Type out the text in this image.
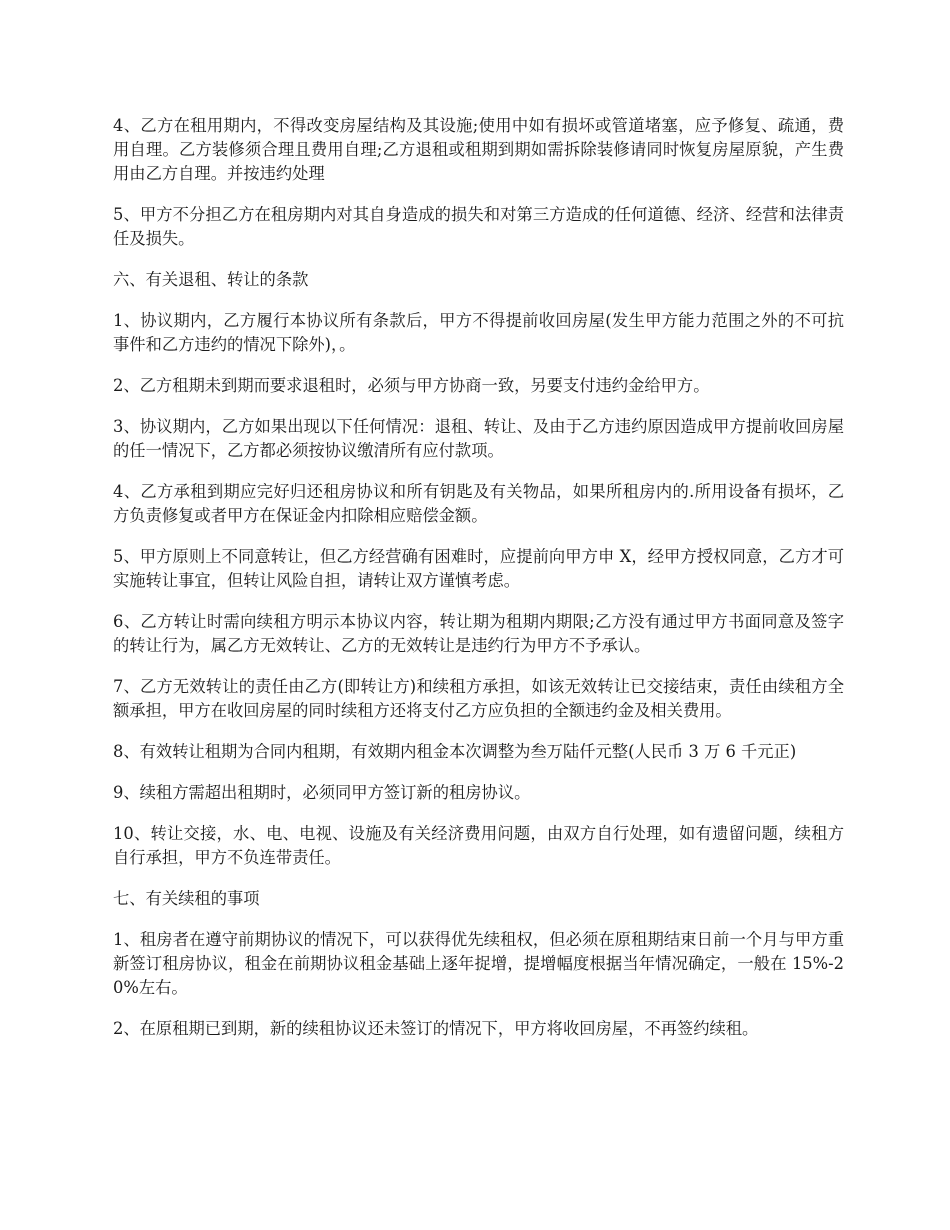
4、乙方在租用期内，不得改变房屋结构及其设施;使用中如有损坏或管道堵塞，应予修复、疏通，费用自理。乙方装修须合理且费用自理;乙方退租或租期到期如需拆除装修请同时恢复房屋原貌，产生费用由乙方自理。并按违约处理

5、甲方不分担乙方在租房期内对其自身造成的损失和对第三方造成的任何道德、经济、经营和法律责任及损失。

六、有关退租、转让的条款

1、协议期内，乙方履行本协议所有条款后，甲方不得提前收回房屋(发生甲方能力范围之外的不可抗事件和乙方违约的情况下除外)，。

2、乙方租期未到期而要求退租时，必须与甲方协商一致，另要支付违约金给甲方。

3、协议期内，乙方如果出现以下任何情况：退租、转让、及由于乙方违约原因造成甲方提前收回房屋的任一情况下，乙方都必须按协议缴清所有应付款项。

4、乙方承租到期应完好归还租房协议和所有钥匙及有关物品，如果所租房内的.所用设备有损坏，乙方负责修复或者甲方在保证金内扣除相应赔偿金额。

5、甲方原则上不同意转让，但乙方经营确有困难时，应提前向甲方申 X，经甲方授权同意，乙方才可实施转让事宜，但转让风险自担，请转让双方谨慎考虑。

6、乙方转让时需向续租方明示本协议内容，转让期为租期内期限;乙方没有通过甲方书面同意及签字的转让行为，属乙方无效转让、乙方的无效转让是违约行为甲方不予承认。

7、乙方无效转让的责任由乙方(即转让方)和续租方承担，如该无效转让已交接结束，责任由续租方全额承担，甲方在收回房屋的同时续租方还将支付乙方应负担的全额违约金及相关费用。

8、有效转让租期为合同内租期，有效期内租金本次调整为叁万陆仟元整(人民币 3 万 6 千元正)

9、续租方需超出租期时，必须同甲方签订新的租房协议。

10、转让交接，水、电、电视、设施及有关经济费用问题，由双方自行处理，如有遗留问题，续租方自行承担，甲方不负连带责任。

七、有关续租的事项

1、租房者在遵守前期协议的情况下，可以获得优先续租权，但必须在原租期结束日前一个月与甲方重新签订租房协议，租金在前期协议租金基础上逐年捉增，提增幅度根据当年情况确定，一般在 15%-20%左右。

2、在原租期已到期，新的续租协议还未签订的情况下，甲方将收回房屋，不再签约续租。
